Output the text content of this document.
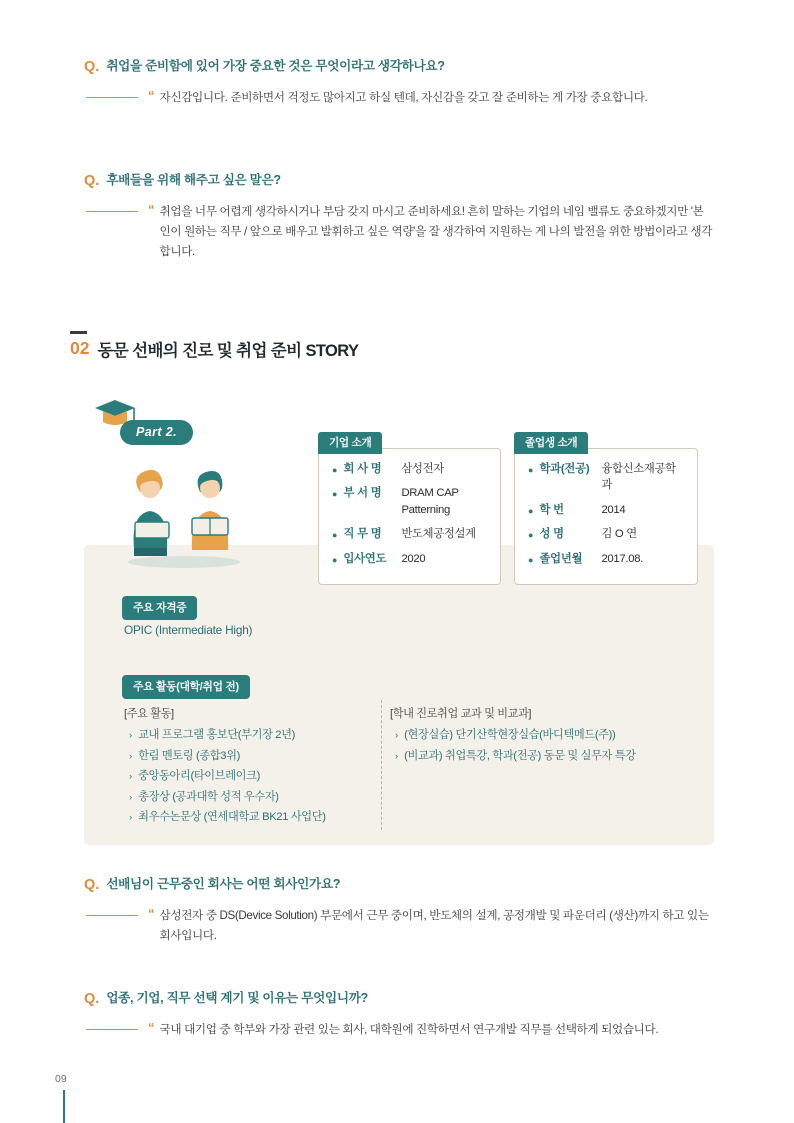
Q. 취업을 준비함에 있어 가장 중요한 것은 무엇이라고 생각하나요?
“ 자신감입니다. 준비하면서 걱정도 많아지고 하실 텐데, 자신감을 갖고 잘 준비하는 게 가장 중요합니다.
Q. 후배들을 위해 해주고 싶은 말은?
“ 취업을 너무 어렵게 생각하시거나 부담 갖지 마시고 준비하세요! 흔히 말하는 기업의 네임 밸류도 중요하겠지만 '본인이 원하는 직무 / 앞으로 배우고 발휘하고 싶은 역량'을 잘 생각하여 지원하는 게 나의 발전을 위한 방법이라고 생각합니다.
02 동문 선배의 진로 및 취업 준비 STORY
Part 2.
기업 소개
● 회 사 명	삼성전자
● 부 서 명	DRAM CAP Patterning
● 직 무 명	반도체공정설계
● 입사연도	2020
졸업생 소개
● 학과(전공)	융합신소재공학과
● 학 번	2014
● 성 명	김 O 연
● 졸업년월	2017.08.
주요 자격증
OPIC (Intermediate High)
주요 활동(대학/취업 전)
[주요 활동]
› 교내 프로그램 홍보단(부기장 2년)
› 한림 멘토링 (종합3위)
› 중앙동아리(타이브레이크)
› 총장상 (공과대학 성적 우수자)
› 최우수논문상 (연세대학교 BK21 사업단)
[학내 진로취업 교과 및 비교과]
› (현장실습) 단기산학현장실습(바디텍메드(주))
› (비교과) 취업특강, 학과(전공) 동문 및 실무자 특강
Q. 선배님이 근무중인 회사는 어떤 회사인가요?
“ 삼성전자 중 DS(Device Solution) 부문에서 근무 중이며, 반도체의 설계, 공정개발 및 파운더리 (생산)까지 하고 있는 회사입니다.
Q. 업종, 기업, 직무 선택 계기 및 이유는 무엇입니까?
“ 국내 대기업 중 학부와 가장 관련 있는 회사, 대학원에 진학하면서 연구개발 직무를 선택하게 되었습니다.
09
